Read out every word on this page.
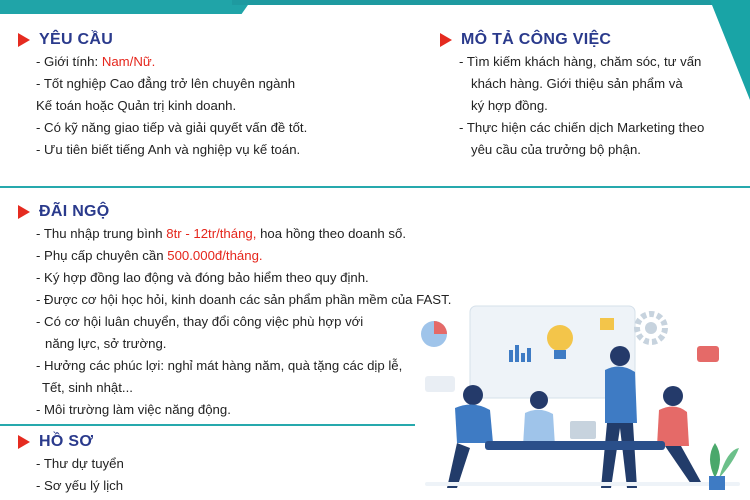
YÊU CẦU
- Giới tính: Nam/Nữ.
- Tốt nghiệp Cao đẳng trở lên chuyên ngành
Kế toán hoặc Quản trị kinh doanh.
- Có kỹ năng giao tiếp và giải quyết vấn đề tốt.
- Ưu tiên biết tiếng Anh và nghiệp vụ kế toán.
MÔ TẢ CÔNG VIỆC
- Tìm kiếm khách hàng, chăm sóc, tư vấn
khách hàng. Giới thiệu sản phẩm và
ký hợp đồng.
- Thực hiện các chiến dịch Marketing theo
yêu cầu của trưởng bộ phận.
ĐÃI NGỘ
- Thu nhập trung bình 8tr - 12tr/tháng, hoa hồng theo doanh số.
- Phụ cấp chuyên cần 500.000đ/tháng.
- Ký hợp đồng lao động và đóng bảo hiểm theo quy định.
- Được cơ hội học hỏi, kinh doanh các sản phẩm phần mềm của FAST.
- Có cơ hội luân chuyển, thay đổi công việc phù hợp với
năng lực, sở trường.
- Hưởng các phúc lợi: nghỉ mát hàng năm, quà tặng các dịp lễ,
Tết, sinh nhật...
- Môi trường làm việc năng động.
HỒ SƠ
- Thư dự tuyển
- Sơ yếu lý lịch
